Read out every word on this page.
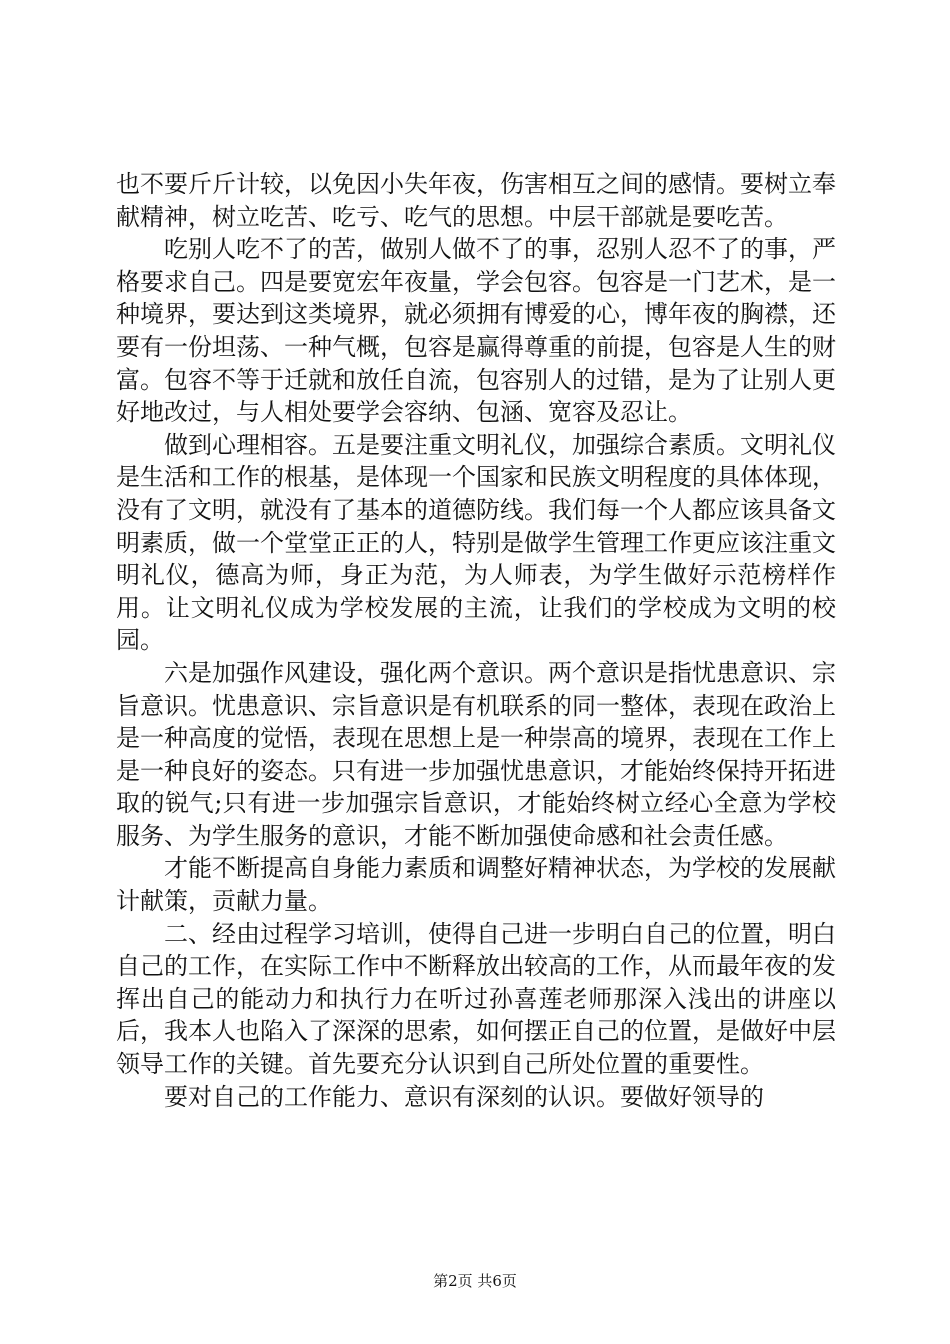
也不要斤斤计较，以免因小失年夜，伤害相互之间的感情。要树立奉献精神，树立吃苦、吃亏、吃气的思想。中层干部就是要吃苦。

吃别人吃不了的苦，做别人做不了的事，忍别人忍不了的事，严格要求自己。四是要宽宏年夜量，学会包容。包容是一门艺术，是一种境界，要达到这类境界，就必须拥有博爱的心，博年夜的胸襟，还要有一份坦荡、一种气概，包容是赢得尊重的前提，包容是人生的财富。包容不等于迁就和放任自流，包容别人的过错，是为了让别人更好地改过，与人相处要学会容纳、包涵、宽容及忍让。

做到心理相容。五是要注重文明礼仪，加强综合素质。文明礼仪是生活和工作的根基，是体现一个国家和民族文明程度的具体体现，没有了文明，就没有了基本的道德防线。我们每一个人都应该具备文明素质，做一个堂堂正正的人，特别是做学生管理工作更应该注重文明礼仪，德高为师，身正为范，为人师表，为学生做好示范榜样作用。让文明礼仪成为学校发展的主流，让我们的学校成为文明的校园。

六是加强作风建设，强化两个意识。两个意识是指忧患意识、宗旨意识。忧患意识、宗旨意识是有机联系的同一整体，表现在政治上是一种高度的觉悟，表现在思想上是一种崇高的境界，表现在工作上是一种良好的姿态。只有进一步加强忧患意识，才能始终保持开拓进取的锐气;只有进一步加强宗旨意识，才能始终树立经心全意为学校服务、为学生服务的意识，才能不断加强使命感和社会责任感。

才能不断提高自身能力素质和调整好精神状态，为学校的发展献计献策，贡献力量。

二、经由过程学习培训，使得自己进一步明白自己的位置，明白自己的工作，在实际工作中不断释放出较高的工作，从而最年夜的发挥出自己的能动力和执行力在听过孙喜莲老师那深入浅出的讲座以后，我本人也陷入了深深的思索，如何摆正自己的位置，是做好中层领导工作的关键。首先要充分认识到自己所处位置的重要性。

要对自己的工作能力、意识有深刻的认识。要做好领导的

第2页 共6页
